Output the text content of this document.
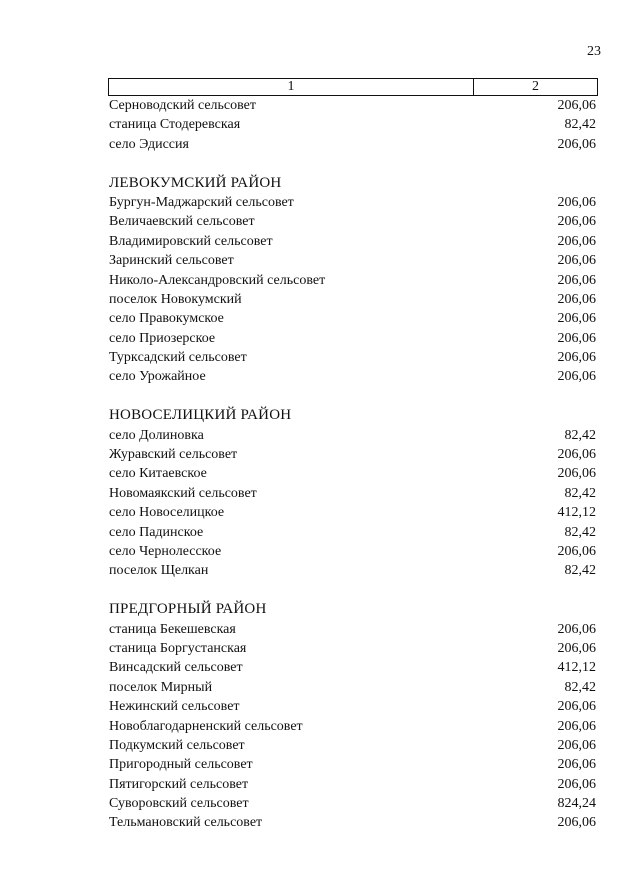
23
1	2
Серноводский сельсовет	206,06
станица Стодеревская	82,42
село Эдиссия	206,06
ЛЕВОКУМСКИЙ РАЙОН
Бургун-Маджарский сельсовет	206,06
Величаевский сельсовет	206,06
Владимировский сельсовет	206,06
Заринский сельсовет	206,06
Николо-Александровский сельсовет	206,06
поселок Новокумский	206,06
село Правокумское	206,06
село Приозерское	206,06
Туркcадский сельсовет	206,06
село Урожайное	206,06
НОВОСЕЛИЦКИЙ РАЙОН
село Долиновка	82,42
Журавский сельсовет	206,06
село Китаевское	206,06
Новомаякский сельсовет	82,42
село Новоселицкое	412,12
село Падинское	82,42
село Чернолесское	206,06
поселок Щелкан	82,42
ПРЕДГОРНЫЙ РАЙОН
станица Бекешевская	206,06
станица Боргустанская	206,06
Винсадский сельсовет	412,12
поселок Мирный	82,42
Нежинский сельсовет	206,06
Новоблагодарненский сельсовет	206,06
Подкумский сельсовет	206,06
Пригородный сельсовет	206,06
Пятигорский сельсовет	206,06
Суворовский сельсовет	824,24
Тельмановский сельсовет	206,06
